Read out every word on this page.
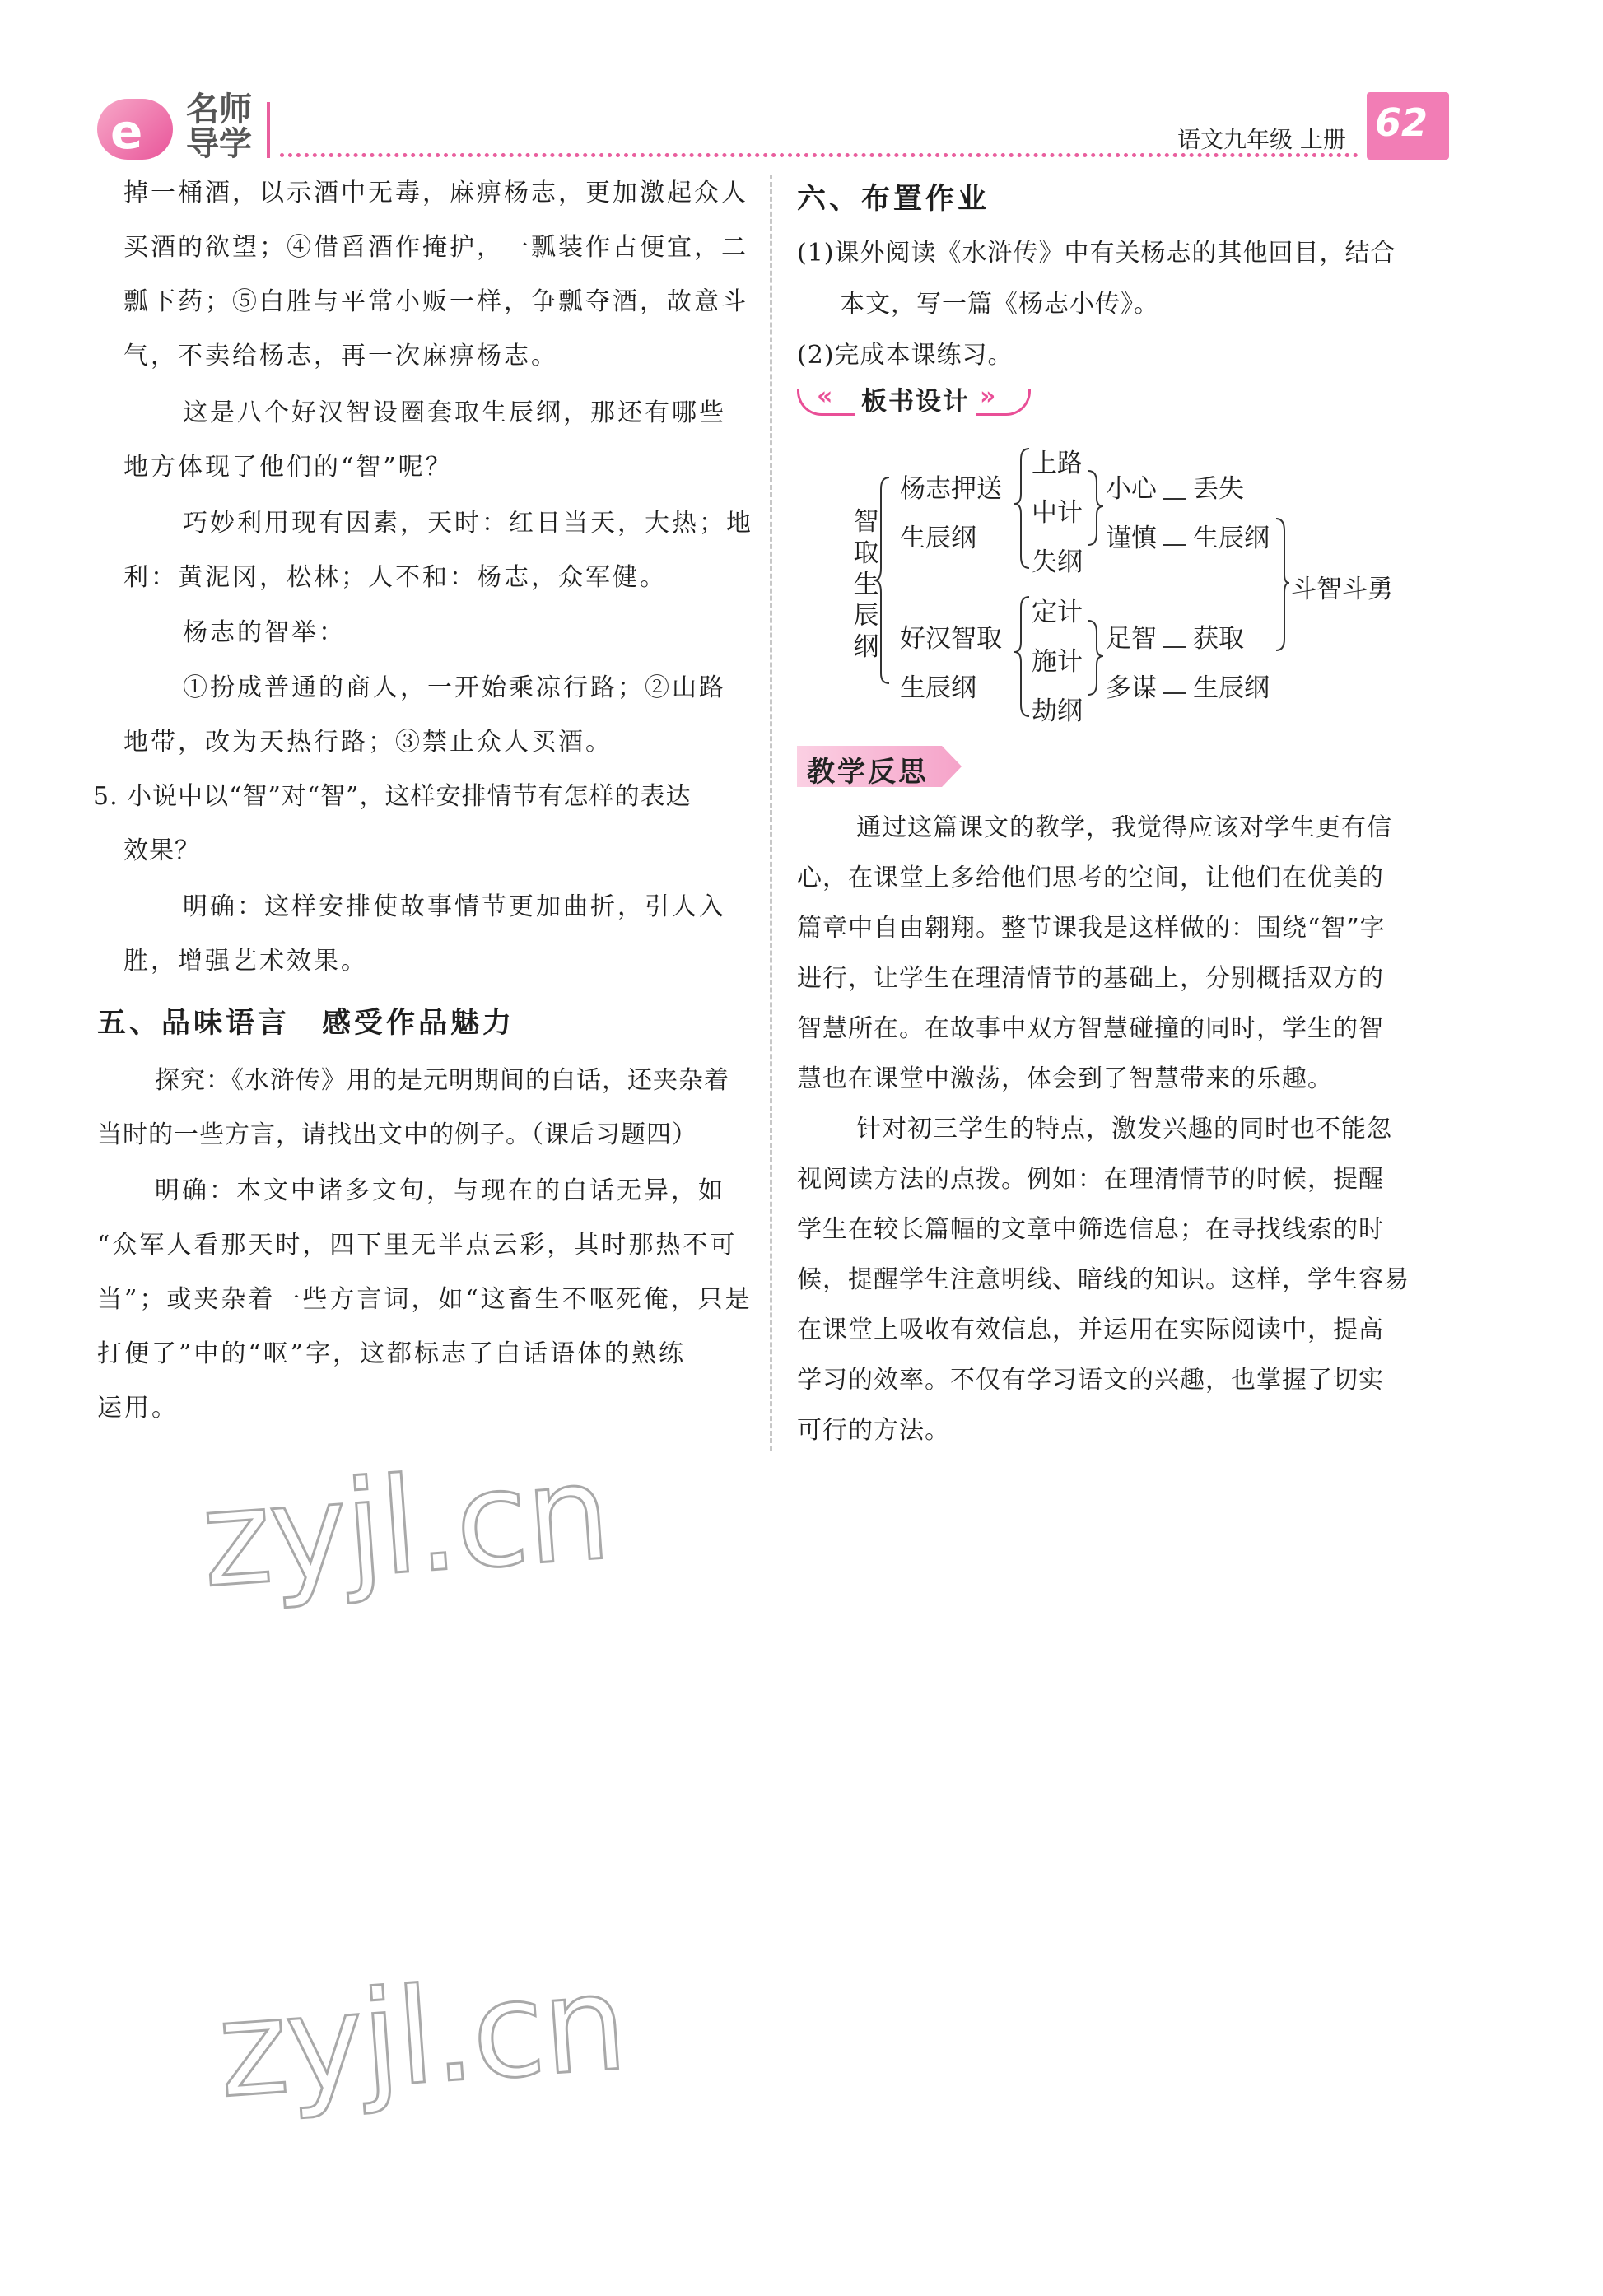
e 名师
导学	语文九年级 上册 62
掉一桶酒，以示酒中无毒，麻痹杨志，更加激起众人
买酒的欲望；④借舀酒作掩护，一瓢装作占便宜，二
瓢下药；⑤白胜与平常小贩一样，争瓢夺酒，故意斗
气，不卖给杨志，再一次麻痹杨志。
这是八个好汉智设圈套取生辰纲，那还有哪些
地方体现了他们的“智”呢？
巧妙利用现有因素，天时：红日当天，大热；地
利：黄泥冈，松林；人不和：杨志，众军健。
杨志的智举：
①扮成普通的商人，一开始乘凉行路；②山路
地带，改为天热行路；③禁止众人买酒。
5. 小说中以“智”对“智”，这样安排情节有怎样的表达
效果？
明确：这样安排使故事情节更加曲折，引人入
胜，增强艺术效果。
五、品味语言　感受作品魅力
探究：《水浒传》用的是元明期间的白话，还夹杂着
当时的一些方言，请找出文中的例子。（课后习题四）
明确：本文中诸多文句，与现在的白话无异，如
“众军人看那天时，四下里无半点云彩，其时那热不可
当”；或夹杂着一些方言词，如“这畜生不呕死俺，只是
打便了”中的“呕”字，这都标志了白话语体的熟练
运用。
六、布置作业
(1)课外阅读《水浒传》中有关杨志的其他回目，结合
本文，写一篇《杨志小传》。
(2)完成本课练习。
« 板书设计 »
智取生辰纲
杨志押送
生辰纲
上路
中计
失纲
小心 丢失
谨慎 生辰纲
好汉智取
生辰纲
定计
施计
劫纲
足智 获取
多谋 生辰纲
斗智斗勇
教学反思
通过这篇课文的教学，我觉得应该对学生更有信
心，在课堂上多给他们思考的空间，让他们在优美的
篇章中自由翱翔。整节课我是这样做的：围绕“智”字
进行，让学生在理清情节的基础上，分别概括双方的
智慧所在。在故事中双方智慧碰撞的同时，学生的智
慧也在课堂中激荡，体会到了智慧带来的乐趣。
针对初三学生的特点，激发兴趣的同时也不能忽
视阅读方法的点拨。例如：在理清情节的时候，提醒
学生在较长篇幅的文章中筛选信息；在寻找线索的时
候，提醒学生注意明线、暗线的知识。这样，学生容易
在课堂上吸收有效信息，并运用在实际阅读中，提高
学习的效率。不仅有学习语文的兴趣，也掌握了切实
可行的方法。
zyjl.cn
zyjl.cn
